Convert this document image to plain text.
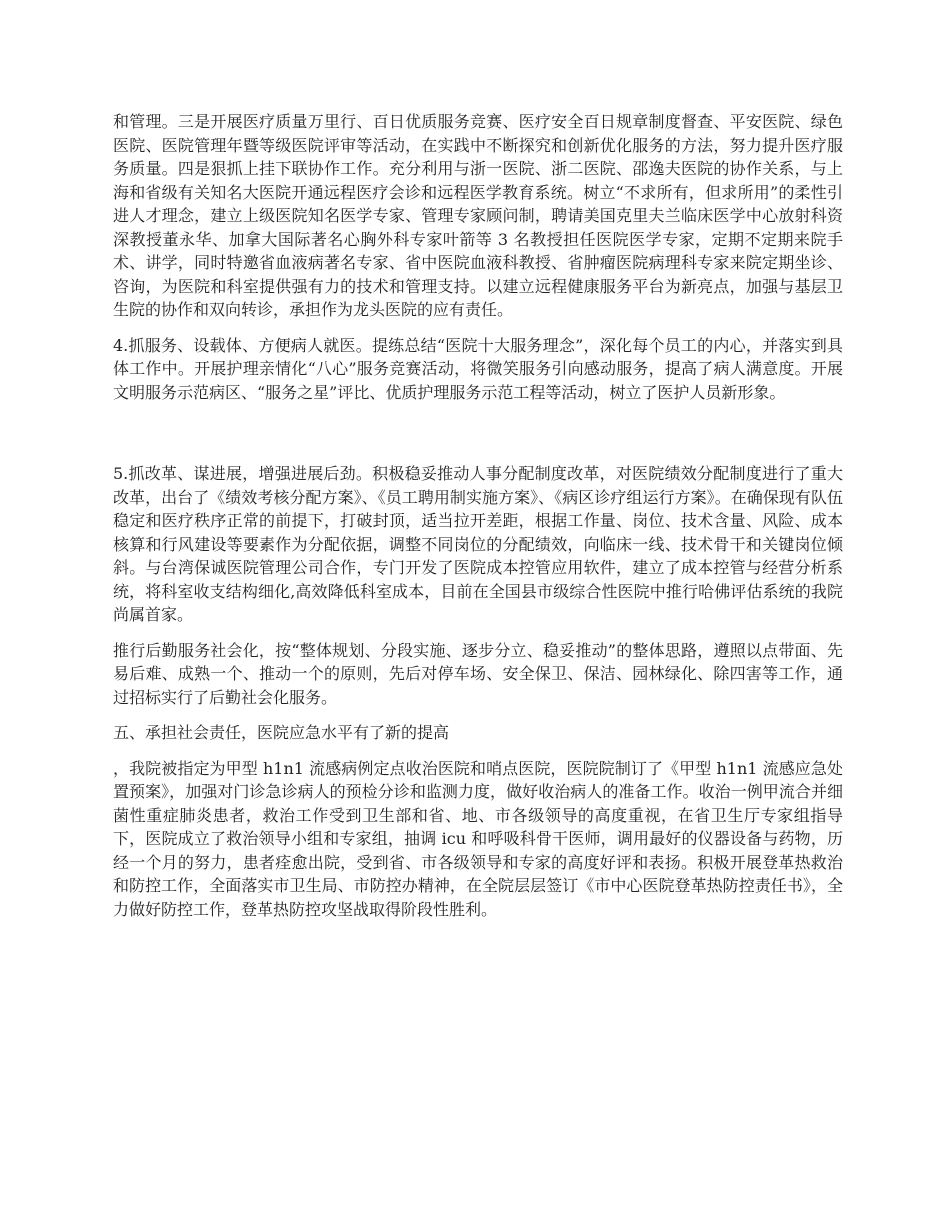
和管理。三是开展医疗质量万里行、百日优质服务竞赛、医疗安全百日规章制度督查、平安医院、绿色医院、医院管理年暨等级医院评审等活动，在实践中不断探究和创新优化服务的方法，努力提升医疗服务质量。四是狠抓上挂下联协作工作。充分利用与浙一医院、浙二医院、邵逸夫医院的协作关系，与上海和省级有关知名大医院开通远程医疗会诊和远程医学教育系统。树立“不求所有，但求所用”的柔性引进人才理念，建立上级医院知名医学专家、管理专家顾问制，聘请美国克里夫兰临床医学中心放射科资深教授董永华、加拿大国际著名心胸外科专家叶箭等 3 名教授担任医院医学专家，定期不定期来院手术、讲学，同时特邀省血液病著名专家、省中医院血液科教授、省肿瘤医院病理科专家来院定期坐诊、咨询，为医院和科室提供强有力的技术和管理支持。以建立远程健康服务平台为新亮点，加强与基层卫生院的协作和双向转诊，承担作为龙头医院的应有责任。

4.抓服务、设载体、方便病人就医。提练总结“医院十大服务理念”，深化每个员工的内心，并落实到具体工作中。开展护理亲情化“八心”服务竞赛活动，将微笑服务引向感动服务，提高了病人满意度。开展文明服务示范病区、“服务之星”评比、优质护理服务示范工程等活动，树立了医护人员新形象。

5.抓改革、谋进展，增强进展后劲。积极稳妥推动人事分配制度改革，对医院绩效分配制度进行了重大改革，出台了《绩效考核分配方案》、《员工聘用制实施方案》、《病区诊疗组运行方案》。在确保现有队伍稳定和医疗秩序正常的前提下，打破封顶，适当拉开差距，根据工作量、岗位、技术含量、风险、成本核算和行风建设等要素作为分配依据，调整不同岗位的分配绩效，向临床一线、技术骨干和关键岗位倾斜。与台湾保诚医院管理公司合作，专门开发了医院成本控管应用软件，建立了成本控管与经营分析系统，将科室收支结构细化,高效降低科室成本，目前在全国县市级综合性医院中推行哈佛评估系统的我院尚属首家。

推行后勤服务社会化，按“整体规划、分段实施、逐步分立、稳妥推动”的整体思路，遵照以点带面、先易后难、成熟一个、推动一个的原则，先后对停车场、安全保卫、保洁、园林绿化、除四害等工作，通过招标实行了后勤社会化服务。

五、承担社会责任，医院应急水平有了新的提高

，我院被指定为甲型 h1n1 流感病例定点收治医院和哨点医院，医院院制订了《甲型 h1n1 流感应急处置预案》，加强对门诊急诊病人的预检分诊和监测力度，做好收治病人的准备工作。收治一例甲流合并细菌性重症肺炎患者，救治工作受到卫生部和省、地、市各级领导的高度重视，在省卫生厅专家组指导下，医院成立了救治领导小组和专家组，抽调 icu 和呼吸科骨干医师，调用最好的仪器设备与药物，历经一个月的努力，患者痊愈出院，受到省、市各级领导和专家的高度好评和表扬。积极开展登革热救治和防控工作，全面落实市卫生局、市防控办精神，在全院层层签订《市中心医院登革热防控责任书》，全力做好防控工作，登革热防控攻坚战取得阶段性胜利。
